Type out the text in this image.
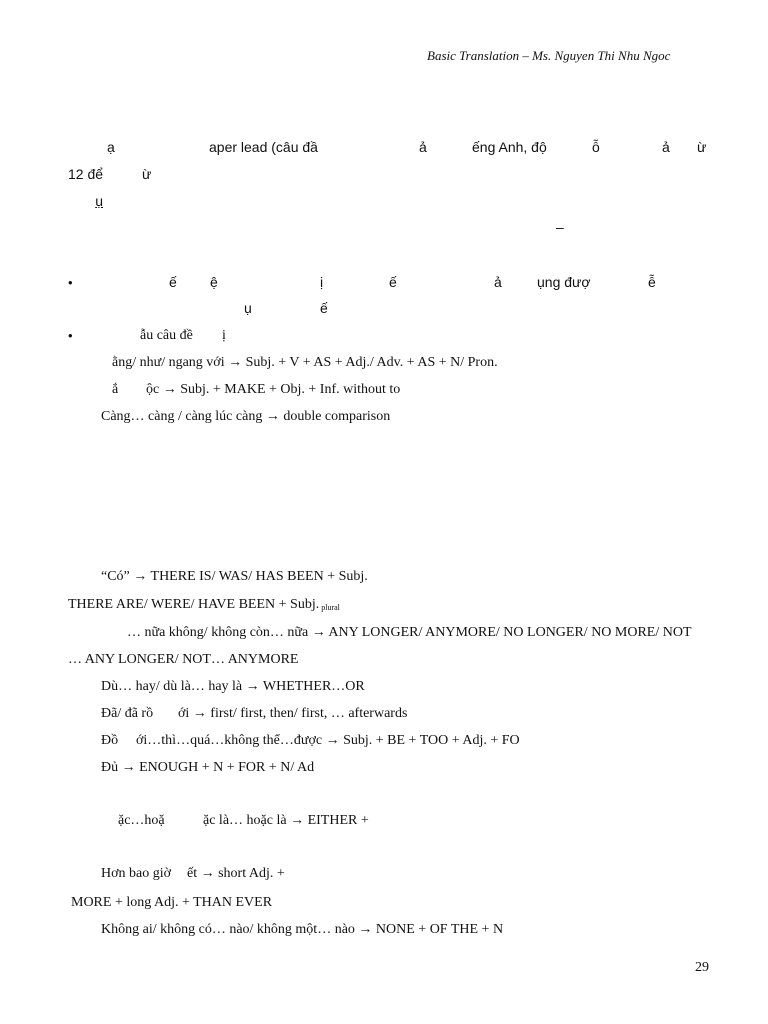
Basic Translation – Ms. Nguyen Thi Nhu Ngoc
ụ
–
•
•
29
ạ	aper lead (câu đầ	ả	ếng Anh, độ	ỗ	ả ừ
12 để	ừ
ế ệ	ị	ế	ả	ụng đượ	ễ
ụ	ế
ẫu câu đề ị
ằng/ như/ ngang với → Subj. + V + AS + Adj./ Adv. + AS + N/ Pron.
ắ ộc → Subj. + MAKE + Obj. + Inf. without to
Càng… càng / càng lúc càng → double comparison
“Có” → THERE IS/ WAS/ HAS BEEN + Subj.
THERE ARE/ WERE/ HAVE BEEN + Subj. $_{plural}$
… nữa không/ không còn… nữa → ANY LONGER/ ANYMORE/ NO LONGER/ NO MORE/ NOT
… ANY LONGER/ NOT… ANYMORE
Dù… hay/ dù là… hay là → WHETHER…OR
Đã/ đã rồ ới → first/ first, then/ first, … afterwards
Đồ ới…thì…quá…không thể…được → Subj. + BE + TOO + Adj. + FO
Đủ → ENOUGH + N + FOR + N/ Ad
ặc…hoặ	ặc là… hoặc là → EITHER +
Hơn bao giờ ết → short Adj. +
MORE + long Adj. + THAN EVER
Không ai/ không có… nào/ không một… nào → NONE + OF THE + N
